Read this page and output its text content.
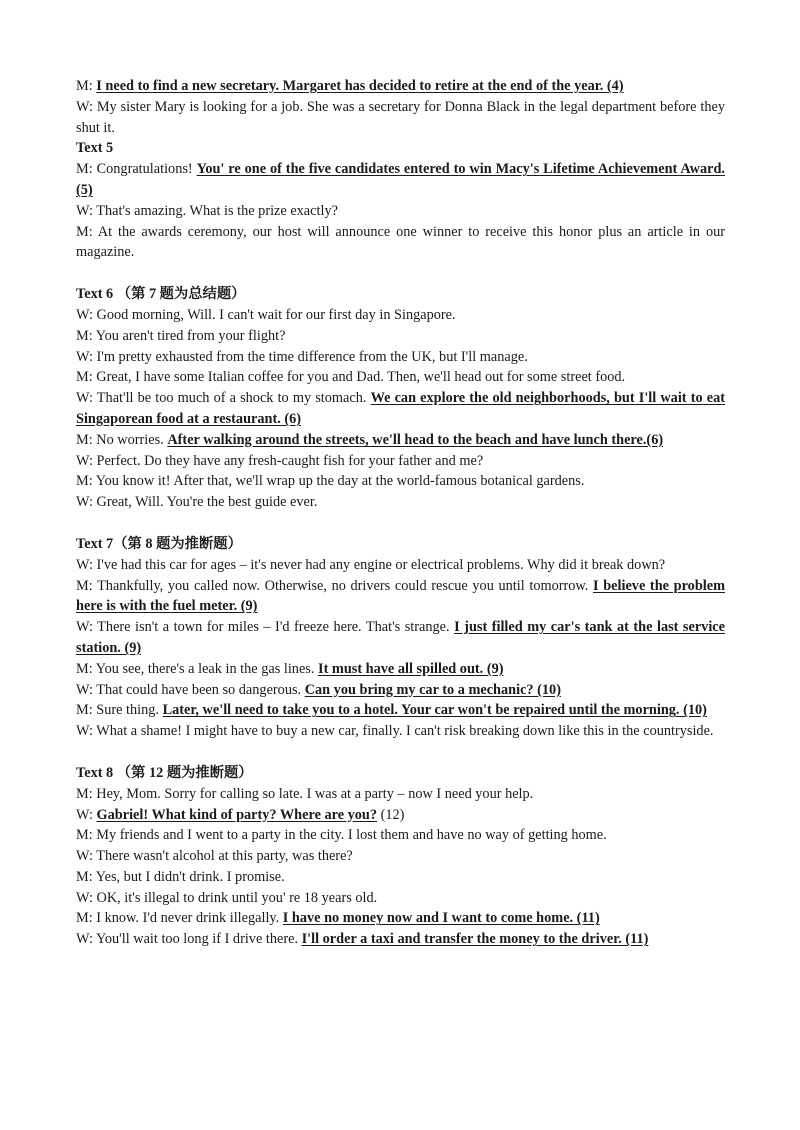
M: I need to find a new secretary. Margaret has decided to retire at the end of the year. (4)

W: My sister Mary is looking for a job. She was a secretary for Donna Black in the legal department before they shut it.

Text 5

M: Congratulations! You' re one of the five candidates entered to win Macy's Lifetime Achievement Award.(5)

W: That's amazing. What is the prize exactly?

M: At the awards ceremony, our host will announce one winner to receive this honor plus an article in our magazine.

Text 6 （第 7 题为总结题）

W: Good morning, Will. I can't wait for our first day in Singapore.

M: You aren't tired from your flight?

W: I'm pretty exhausted from the time difference from the UK, but I'll manage.

M: Great, I have some Italian coffee for you and Dad. Then, we'll head out for some street food.

W: That'll be too much of a shock to my stomach. We can explore the old neighborhoods, but I'll wait to eat Singaporean food at a restaurant. (6)

M: No worries. After walking around the streets, we'll head to the beach and have lunch there.(6)

W: Perfect. Do they have any fresh-caught fish for your father and me?

M: You know it! After that, we'll wrap up the day at the world-famous botanical gardens.

W: Great, Will. You're the best guide ever.

Text 7（第 8 题为推断题）

W: I've had this car for ages – it's never had any engine or electrical problems. Why did it break down?

M: Thankfully, you called now. Otherwise, no drivers could rescue you until tomorrow. I believe the problem here is with the fuel meter. (9)

W: There isn't a town for miles – I'd freeze here. That's strange. I just filled my car's tank at the last service station. (9)

M: You see, there's a leak in the gas lines. It must have all spilled out. (9)

W: That could have been so dangerous. Can you bring my car to a mechanic? (10)

M: Sure thing. Later, we'll need to take you to a hotel. Your car won't be repaired until the morning. (10)

W: What a shame! I might have to buy a new car, finally. I can't risk breaking down like this in the countryside.

Text 8 （第 12 题为推断题）

M: Hey, Mom. Sorry for calling so late. I was at a party – now I need your help.

W: Gabriel! What kind of party? Where are you? (12)

M: My friends and I went to a party in the city. I lost them and have no way of getting home.

W: There wasn't alcohol at this party, was there?

M: Yes, but I didn't drink. I promise.

W: OK, it's illegal to drink until you' re 18 years old.

M: I know. I'd never drink illegally. I have no money now and I want to come home. (11)

W: You'll wait too long if I drive there. I'll order a taxi and transfer the money to the driver. (11)
